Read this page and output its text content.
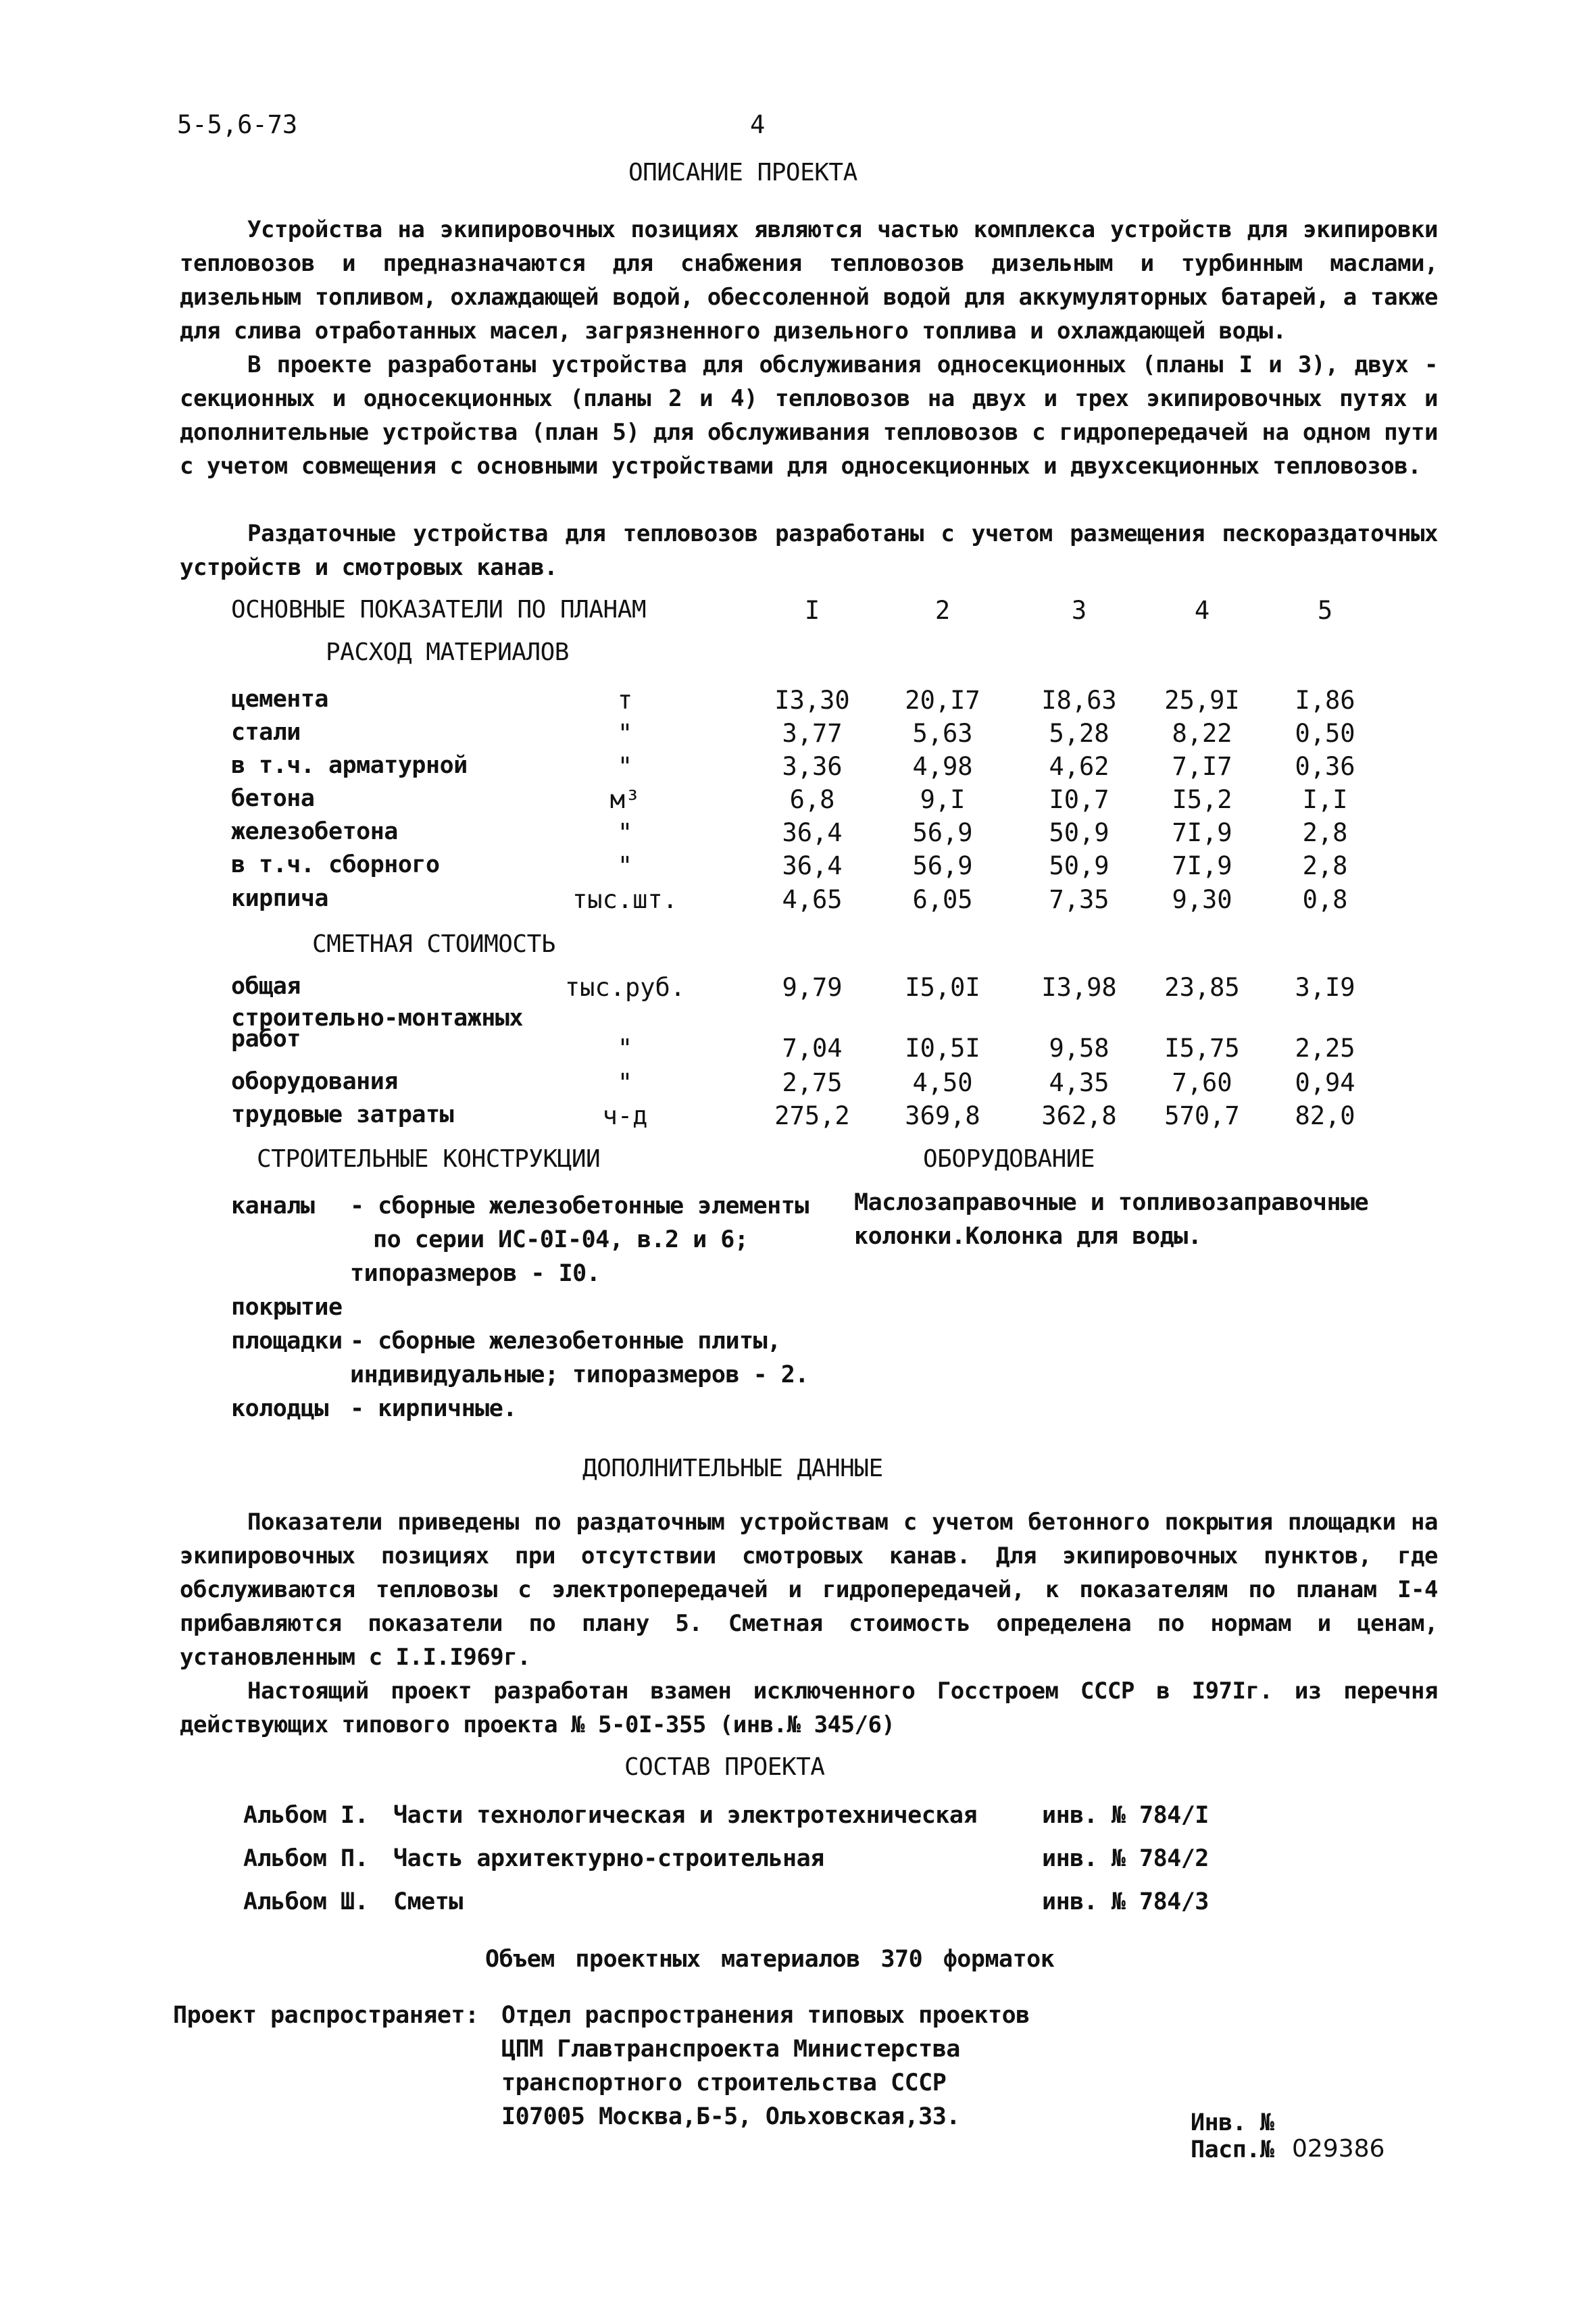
5-5,6-73	4
ОПИСАНИЕ ПРОЕКТА

Устройства на экипировочных позициях являются частью комплекса устройств для экипировки тепловозов и предназначаются для снабжения тепловозов дизельным и турбинным маслами, дизельным топливом, охлаждающей водой, обессоленной водой для аккумуляторных батарей, а также для слива отработанных масел, загрязненного дизельного топлива и охлаждающей воды.

В проекте разработаны устройства для обслуживания односекционных (планы I и 3), двух - секционных и односекционных (планы 2 и 4) тепловозов на двух и трех экипировочных путях и дополнительные устройства (план 5) для обслуживания тепловозов с гидропередачей на одном пути с учетом совмещения с основными устройствами для односекционных и двухсекционных тепловозов.

Раздаточные устройства для тепловозов разработаны с учетом размещения пескораздаточных устройств и смотровых канав.

ОСНОВНЫЕ ПОКАЗАТЕЛИ ПО ПЛАНАМ	I	2	3	4	5
РАСХОД МАТЕРИАЛОВ
цемента	т	I3,30	20,I7	I8,63	25,9I	I,86
стали	"	3,77	5,63	5,28	8,22	0,50
в т.ч. арматурной	"	3,36	4,98	4,62	7,I7	0,36
бетона	м³	6,8	9,I	I0,7	I5,2	I,I
железобетона	"	36,4	56,9	50,9	7I,9	2,8
в т.ч. сборного	"	36,4	56,9	50,9	7I,9	2,8
кирпича	тыс.шт.	4,65	6,05	7,35	9,30	0,8
СМЕТНАЯ СТОИМОСТЬ
общая	тыс.руб.	9,79	I5,0I	I3,98	23,85	3,I9
строительно-монтажных
работ	"	7,04	I0,5I	9,58	I5,75	2,25
оборудования	"	2,75	4,50	4,35	7,60	0,94
трудовые затраты	ч-д	275,2	369,8	362,8	570,7	82,0
СТРОИТЕЛЬНЫЕ КОНСТРУКЦИИ
каналы - сборные железобетонные элементы
по серии ИС-0I-04, в.2 и 6;
типоразмеров - I0.
покрытие
площадки - сборные железобетонные плиты,
индивидуальные; типоразмеров - 2.
колодцы - кирпичные.
ОБОРУДОВАНИЕ
Маслозаправочные и топливозаправочные
колонки.Колонка для воды.
ДОПОЛНИТЕЛЬНЫЕ ДАННЫЕ

Показатели приведены по раздаточным устройствам с учетом бетонного покрытия площадки на экипировочных позициях при отсутствии смотровых канав. Для экипировочных пунктов, где обслуживаются тепловозы с электропередачей и гидропередачей, к показателям по планам I-4 прибавляются показатели по плану 5. Сметная стоимость определена по нормам и ценам, установленным с I.I.I969г.

Настоящий проект разработан взамен исключенного Госстроем СССР в I97Iг. из перечня действующих типового проекта № 5-0I-355 (инв.№ 345/6)

СОСТАВ ПРОЕКТА
Альбом I. Части технологическая и электротехническая	инв. № 784/I
Альбом П. Часть архитектурно-строительная	инв. № 784/2
Альбом Ш. Сметы	инв. № 784/3
Объем проектных материалов 370 форматок
Проект распространяет: Отдел распространения типовых проектов
ЦПМ Главтранспроекта Министерства
транспортного строительства СССР
I07005 Москва,Б-5, Ольховская,33.	Инв. №
Пасп.№ 029386
